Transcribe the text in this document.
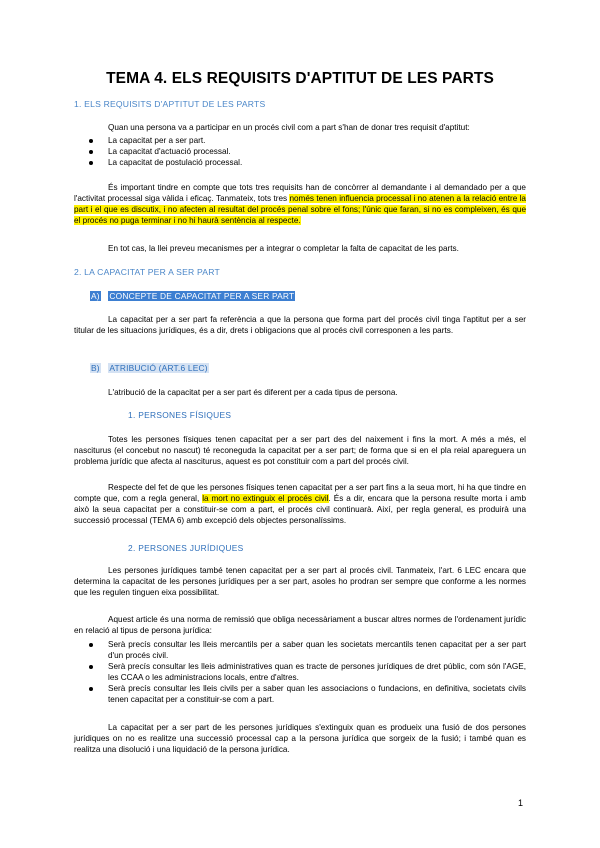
TEMA 4. ELS REQUISITS D'APTITUT DE LES PARTS
1. ELS REQUISITS D'APTITUT DE LES PARTS
Quan una persona va a participar en un procés civil com a part s'han de donar tres requisit d'aptitut:
La capacitat per a ser part.
La capacitat d'actuació processal.
La capacitat de postulació processal.
És important tindre en compte que tots tres requisits han de concòrrer al demandante i al demandado per a que l'activitat processal siga vàlida i eficaç. Tanmateix, tots tres només tenen influencia processal i no atenen a la relació entre la part i el que es discutix, i no afecten al resultat del procés penal sobre el fons; l'únic que faran, si no es compleixen, és que el procés no puga terminar i no hi haurà sentència al respecte.
En tot cas, la llei preveu mecanismes per a integrar o completar la falta de capacitat de les parts.
2. LA CAPACITAT PER A SER PART
A) CONCEPTE DE CAPACITAT PER A SER PART
La capacitat per a ser part fa referència a que la persona que forma part del procés civil tinga l'aptitut per a ser titular de les situacions jurídiques, és a dir, drets i obligacions que al procés civil corresponen a les parts.
B) ATRIBUCIÓ (ART.6 LEC)
L'atribució de la capacitat per a ser part és diferent per a cada tipus de persona.
1. PERSONES FÍSIQUES
Totes les persones físiques tenen capacitat per a ser part des del naixement i fins la mort. A més a més, el nasciturus (el concebut no nascut) té reconeguda la capacitat per a ser part; de forma que si en el pla reial apareguera un problema jurídic que afecta al nasciturus, aquest es pot constituir com a part del procés civil.
Respecte del fet de que les persones físiques tenen capacitat per a ser part fins a la seua mort, hi ha que tindre en compte que, com a regla general, la mort no extinguix el procés civil. És a dir, encara que la persona resulte morta i amb això la seua capacitat per a constituir-se com a part, el procés civil continuarà. Així, per regla general, es produirà una successió processal (TEMA 6) amb excepció dels objectes personalíssims.
2. PERSONES JURÍDIQUES
Les persones jurídiques també tenen capacitat per a ser part al procés civil. Tanmateix, l'art. 6 LEC encara que determina la capacitat de les persones jurídiques per a ser part, asoles ho prodran ser sempre que conforme a les normes que les regulen tinguen eixa possibilitat.
Aquest article és una norma de remissió que obliga necessàriament a buscar altres normes de l'ordenament jurídic en relació al tipus de persona jurídica:
Serà precís consultar les lleis mercantils per a saber quan les societats mercantils tenen capacitat per a ser part d'un procés civil.
Serà precís consultar les lleis administratives quan es tracte de persones jurídiques de dret públic, com són l'AGE, les CCAA o les administracions locals, entre d'altres.
Serà precís consultar les lleis civils per a saber quan les associacions o fundacions, en definitiva, societats civils tenen capacitat per a constituir-se com a part.
La capacitat per a ser part de les persones jurídiques s'extinguix quan es produeix una fusió de dos persones jurídiques on no es realitze una successió processal cap a la persona jurídica que sorgeix de la fusió; i també quan es realitza una disolució i una liquidació de la persona jurídica.
1
